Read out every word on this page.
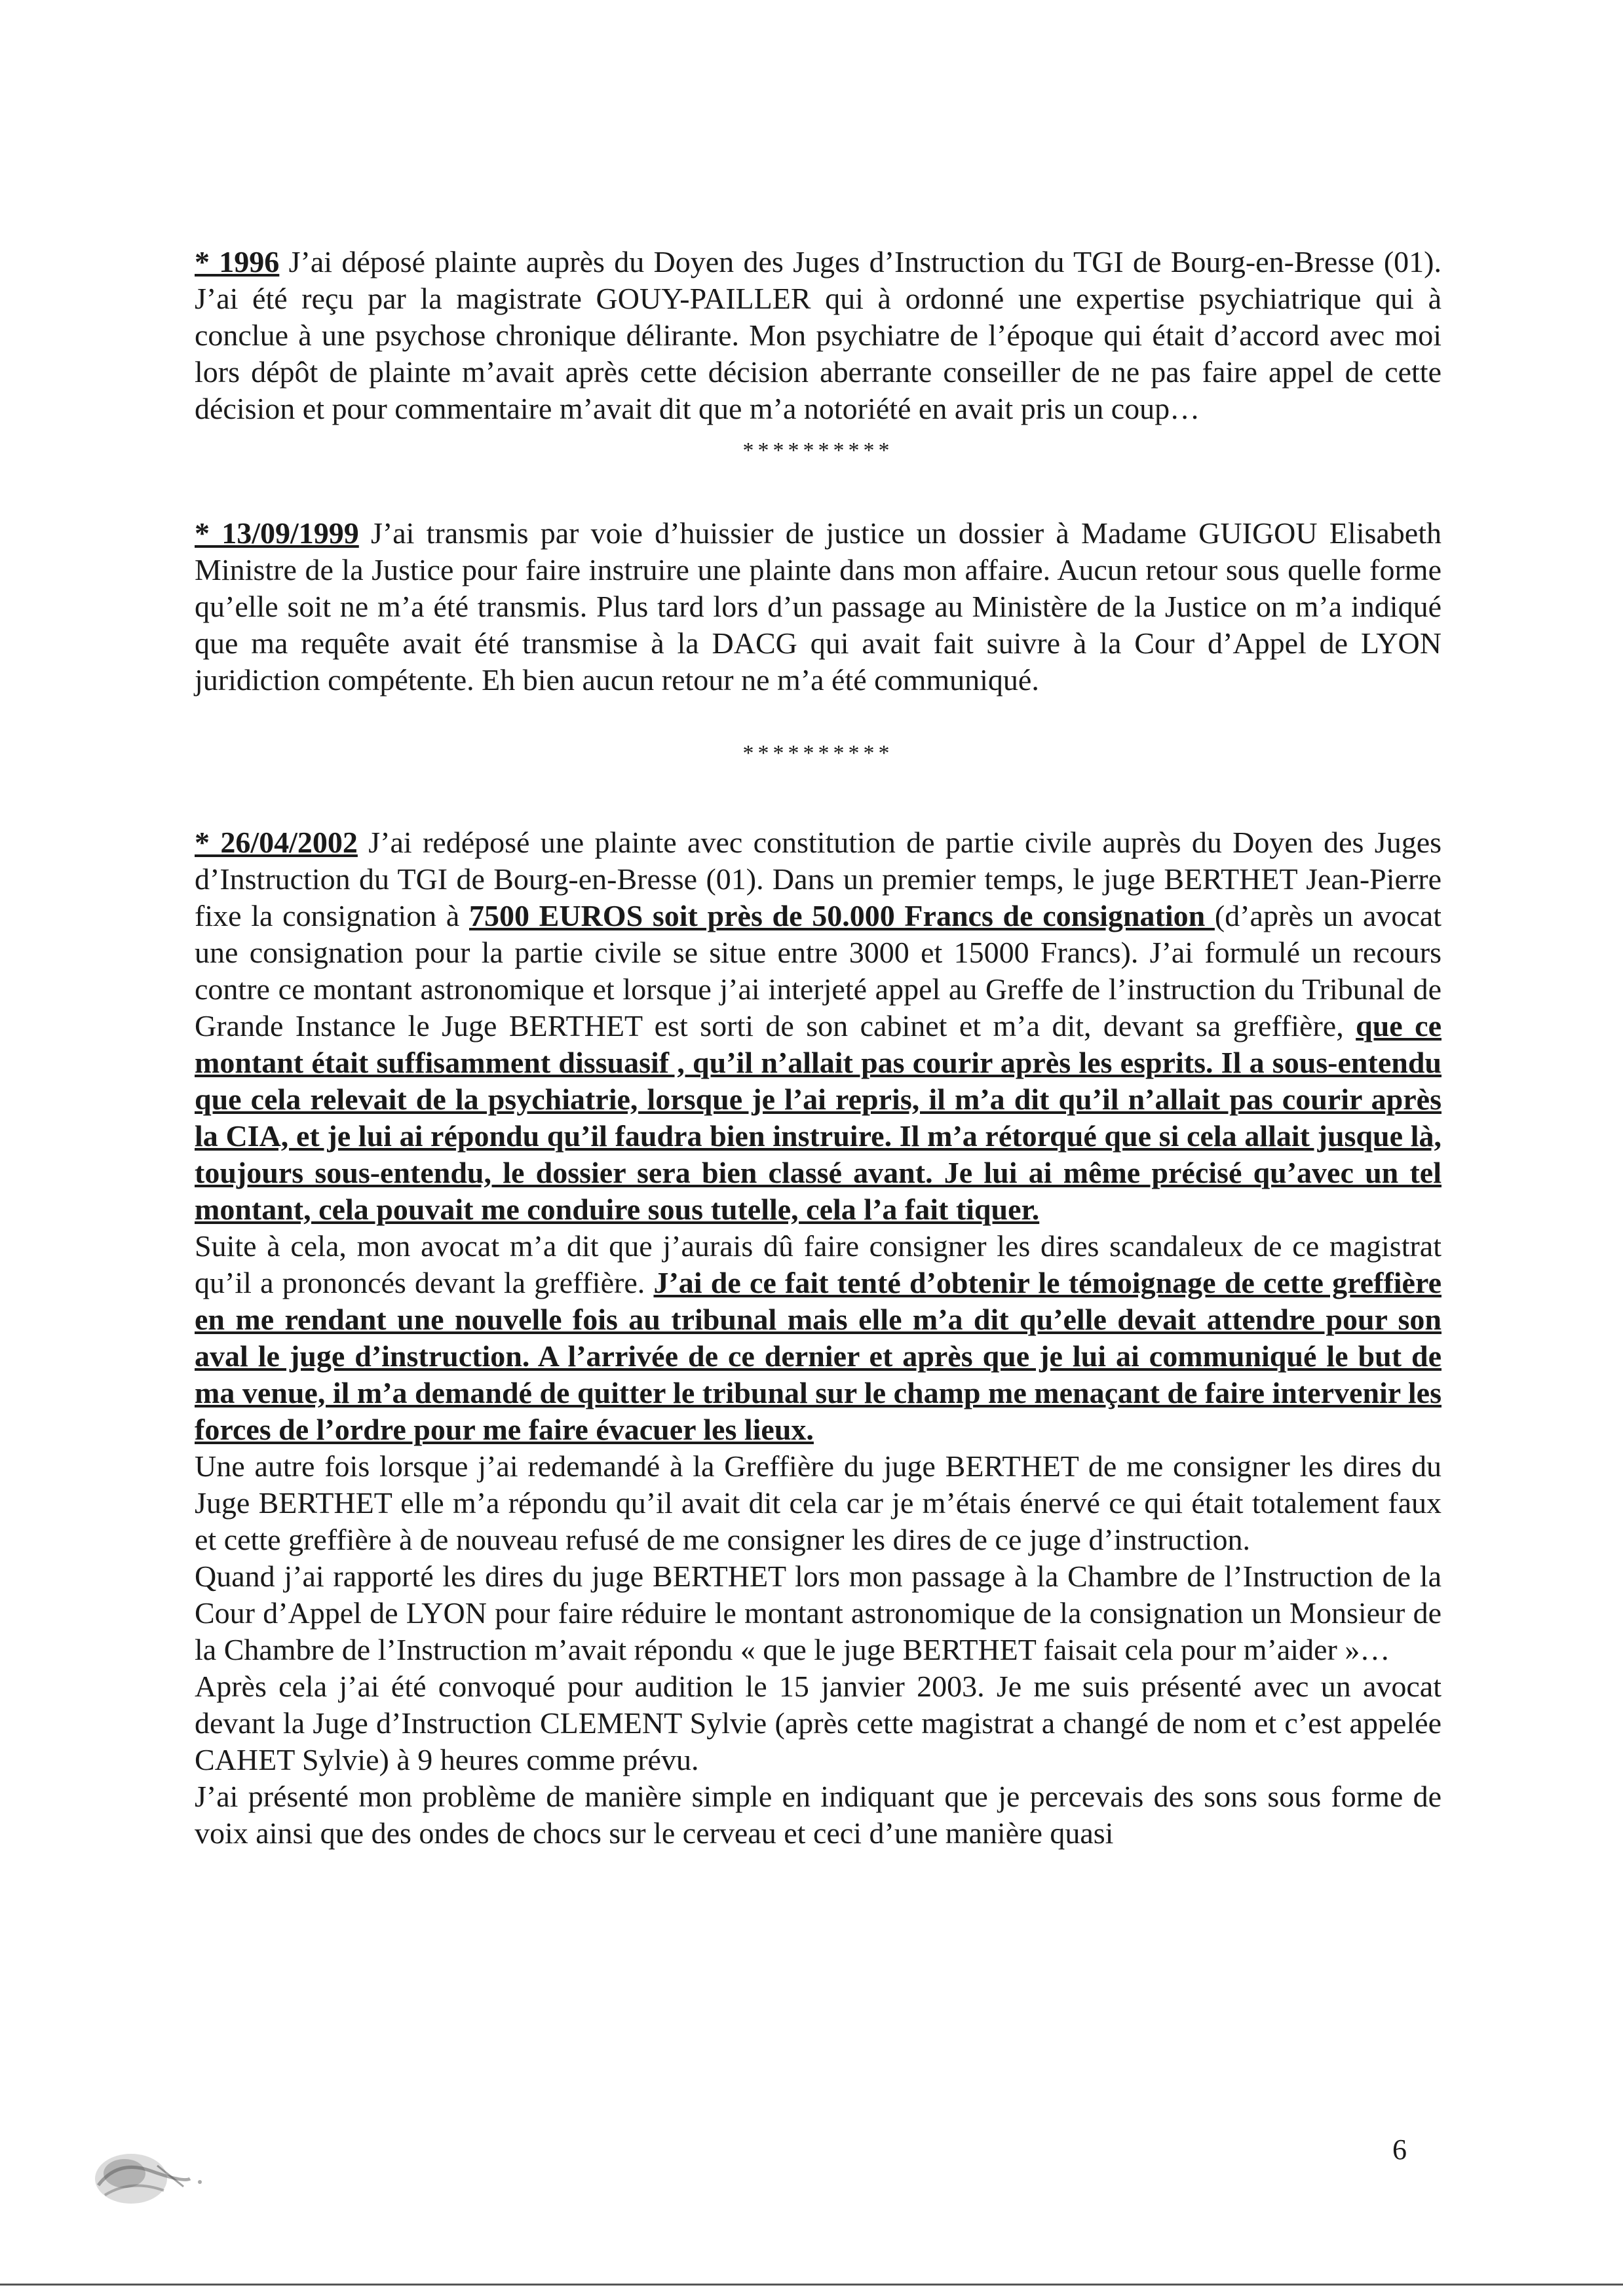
* 1996 J’ai déposé plainte auprès du Doyen des Juges d’Instruction du TGI de Bourg-en-Bresse (01). J’ai été reçu par la magistrate GOUY-PAILLER qui à ordonné une expertise psychiatrique qui à conclue à une psychose chronique délirante. Mon psychiatre de l’époque qui était d’accord avec moi lors dépôt de plainte m’avait après cette décision aberrante conseiller de ne pas faire appel de cette décision et pour commentaire m’avait dit que m’a notoriété en avait pris un coup…

**********

* 13/09/1999 J’ai transmis par voie d’huissier de justice un dossier à Madame GUIGOU Elisabeth Ministre de la Justice pour faire instruire une plainte dans mon affaire. Aucun retour sous quelle forme qu’elle soit ne m’a été transmis. Plus tard lors d’un passage au Ministère de la Justice on m’a indiqué que ma requête avait été transmise à la DACG qui avait fait suivre à la Cour d’Appel de LYON juridiction compétente. Eh bien aucun retour ne m’a été communiqué.

**********

* 26/04/2002 J’ai redéposé une plainte avec constitution de partie civile auprès du Doyen des Juges d’Instruction du TGI de Bourg-en-Bresse (01). Dans un premier temps, le juge BERTHET Jean-Pierre fixe la consignation à 7500 EUROS soit près de 50.000 Francs de consignation (d’après un avocat une consignation pour la partie civile se situe entre 3000 et 15000 Francs). J’ai formulé un recours contre ce montant astronomique et lorsque j’ai interjeté appel au Greffe de l’instruction du Tribunal de Grande Instance le Juge BERTHET est sorti de son cabinet et m’a dit, devant sa greffière, que ce montant était suffisamment dissuasif , qu’il n’allait pas courir après les esprits. Il a sous-entendu que cela relevait de la psychiatrie, lorsque je l’ai repris, il m’a dit qu’il n’allait pas courir après la CIA, et je lui ai répondu qu’il faudra bien instruire. Il m’a rétorqué que si cela allait jusque là, toujours sous-entendu, le dossier sera bien classé avant. Je lui ai même précisé qu’avec un tel montant, cela pouvait me conduire sous tutelle, cela l’a fait tiquer.

Suite à cela, mon avocat m’a dit que j’aurais dû faire consigner les dires scandaleux de ce magistrat qu’il a prononcés devant la greffière. J’ai de ce fait tenté d’obtenir le témoignage de cette greffière en me rendant une nouvelle fois au tribunal mais elle m’a dit qu’elle devait attendre pour son aval le juge d’instruction. A l’arrivée de ce dernier et après que je lui ai communiqué le but de ma venue, il m’a demandé de quitter le tribunal sur le champ me menaçant de faire intervenir les forces de l’ordre pour me faire évacuer les lieux.

Une autre fois lorsque j’ai redemandé à la Greffière du juge BERTHET de me consigner les dires du Juge BERTHET elle m’a répondu qu’il avait dit cela car je m’étais énervé ce qui était totalement faux et cette greffière à de nouveau refusé de me consigner les dires de ce juge d’instruction.

Quand j’ai rapporté les dires du juge BERTHET lors mon passage à la Chambre de l’Instruction de la Cour d’Appel de LYON pour faire réduire le montant astronomique de la consignation un Monsieur de la Chambre de l’Instruction m’avait répondu « que le juge BERTHET faisait cela pour m’aider »…

Après cela j’ai été convoqué pour audition le 15 janvier 2003. Je me suis présenté avec un avocat devant la Juge d’Instruction CLEMENT Sylvie (après cette magistrat a changé de nom et c’est appelée CAHET Sylvie) à 9 heures comme prévu.

J’ai présenté mon problème de manière simple en indiquant que je percevais des sons sous forme de voix ainsi que des ondes de chocs sur le cerveau et ceci d’une manière quasi

6
